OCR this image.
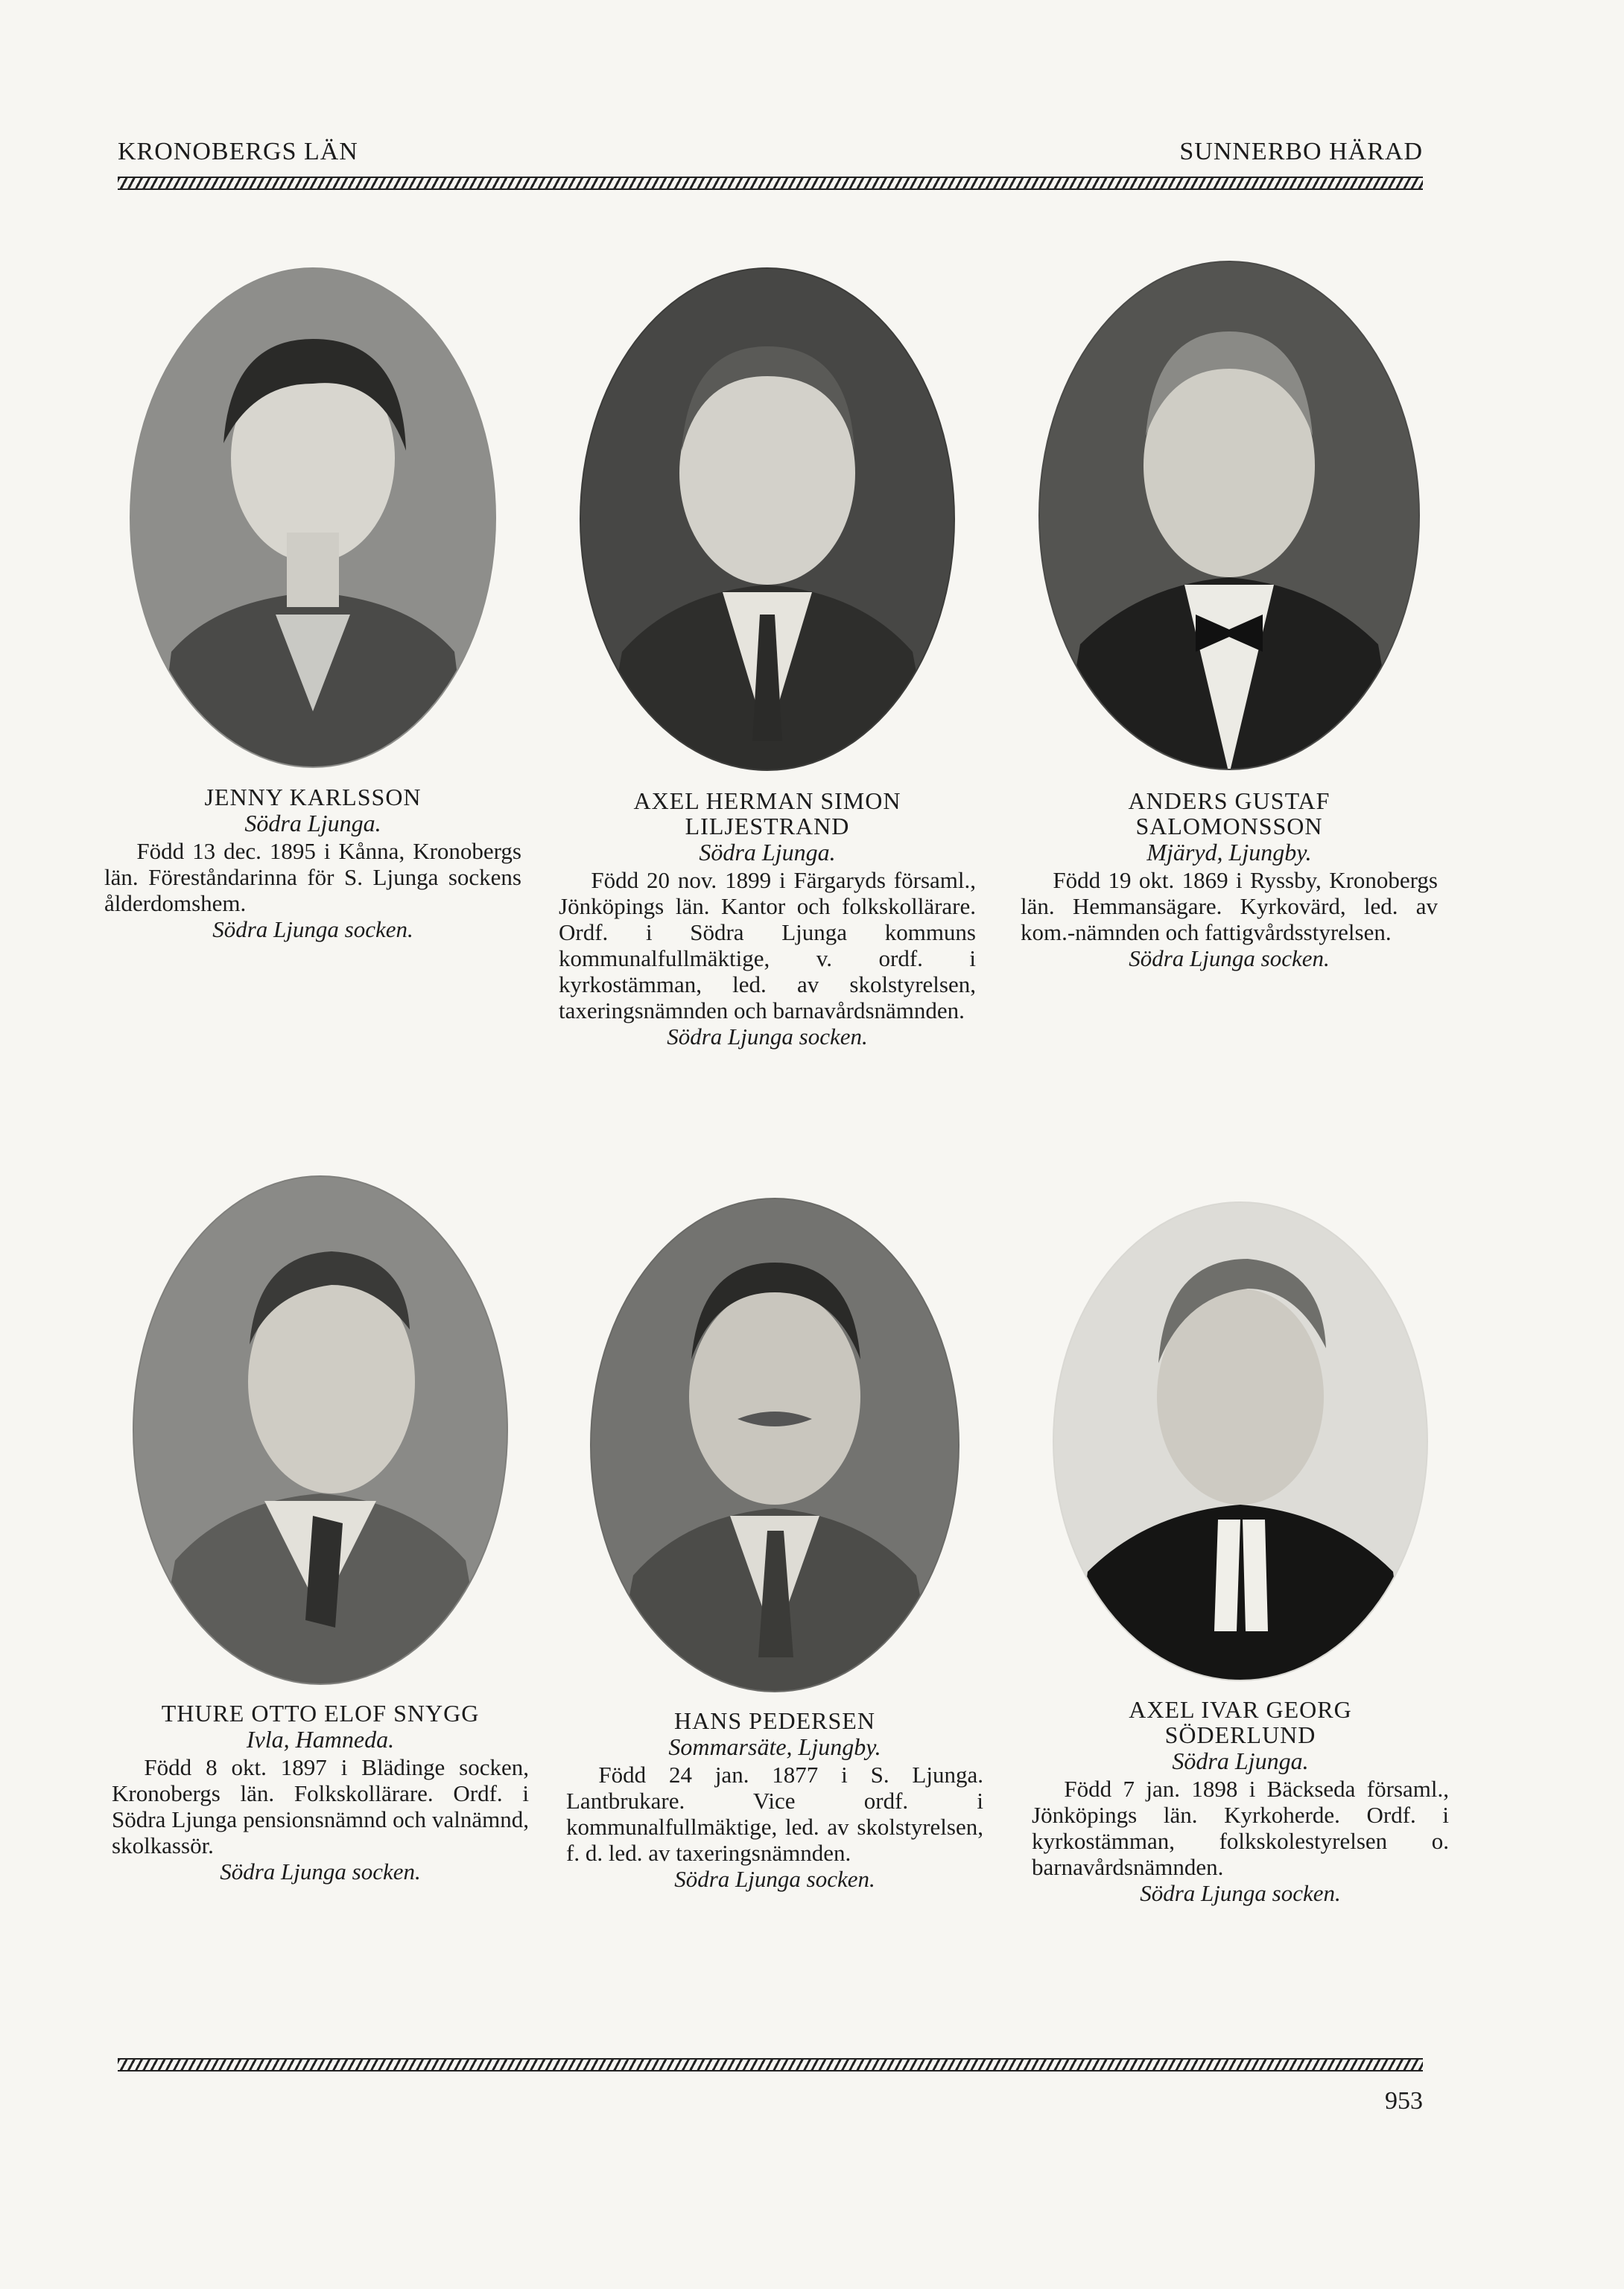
KRONOBERGS LÄN	SUNNERBO HÄRAD
JENNY KARLSSON
Södra Ljunga.
Född 13 dec. 1895 i Kånna, Kronobergs län. Föreståndarinna för S. Ljunga sockens ålderdomshem.
Södra Ljunga socken.
AXEL HERMAN SIMON
LILJESTRAND
Södra Ljunga.
Född 20 nov. 1899 i Färgaryds församl., Jönköpings län. Kantor och folkskollärare. Ordf. i Södra Ljunga kommuns kommunalfullmäktige, v. ordf. i kyrkostämman, led. av skolstyrelsen, taxeringsnämnden och barnavårdsnämnden.
Södra Ljunga socken.
ANDERS GUSTAF
SALOMONSSON
Mjäryd, Ljungby.
Född 19 okt. 1869 i Ryssby, Kronobergs län. Hemmansägare. Kyrkovärd, led. av kom.-nämnden och fattigvårdsstyrelsen.
Södra Ljunga socken.
THURE OTTO ELOF SNYGG
Ivla, Hamneda.
Född 8 okt. 1897 i Blädinge socken, Kronobergs län. Folkskollärare. Ordf. i Södra Ljunga pensionsnämnd och valnämnd, skolkassör.
Södra Ljunga socken.
HANS PEDERSEN
Sommarsäte, Ljungby.
Född 24 jan. 1877 i S. Ljunga. Lantbrukare. Vice ordf. i kommunalfullmäktige, led. av skolstyrelsen, f. d. led. av taxeringsnämnden.
Södra Ljunga socken.
AXEL IVAR GEORG
SÖDERLUND
Södra Ljunga.
Född 7 jan. 1898 i Bäckseda församl., Jönköpings län. Kyrkoherde. Ordf. i kyrkostämman, folkskolestyrelsen o. barnavårdsnämnden.
Södra Ljunga socken.
953
